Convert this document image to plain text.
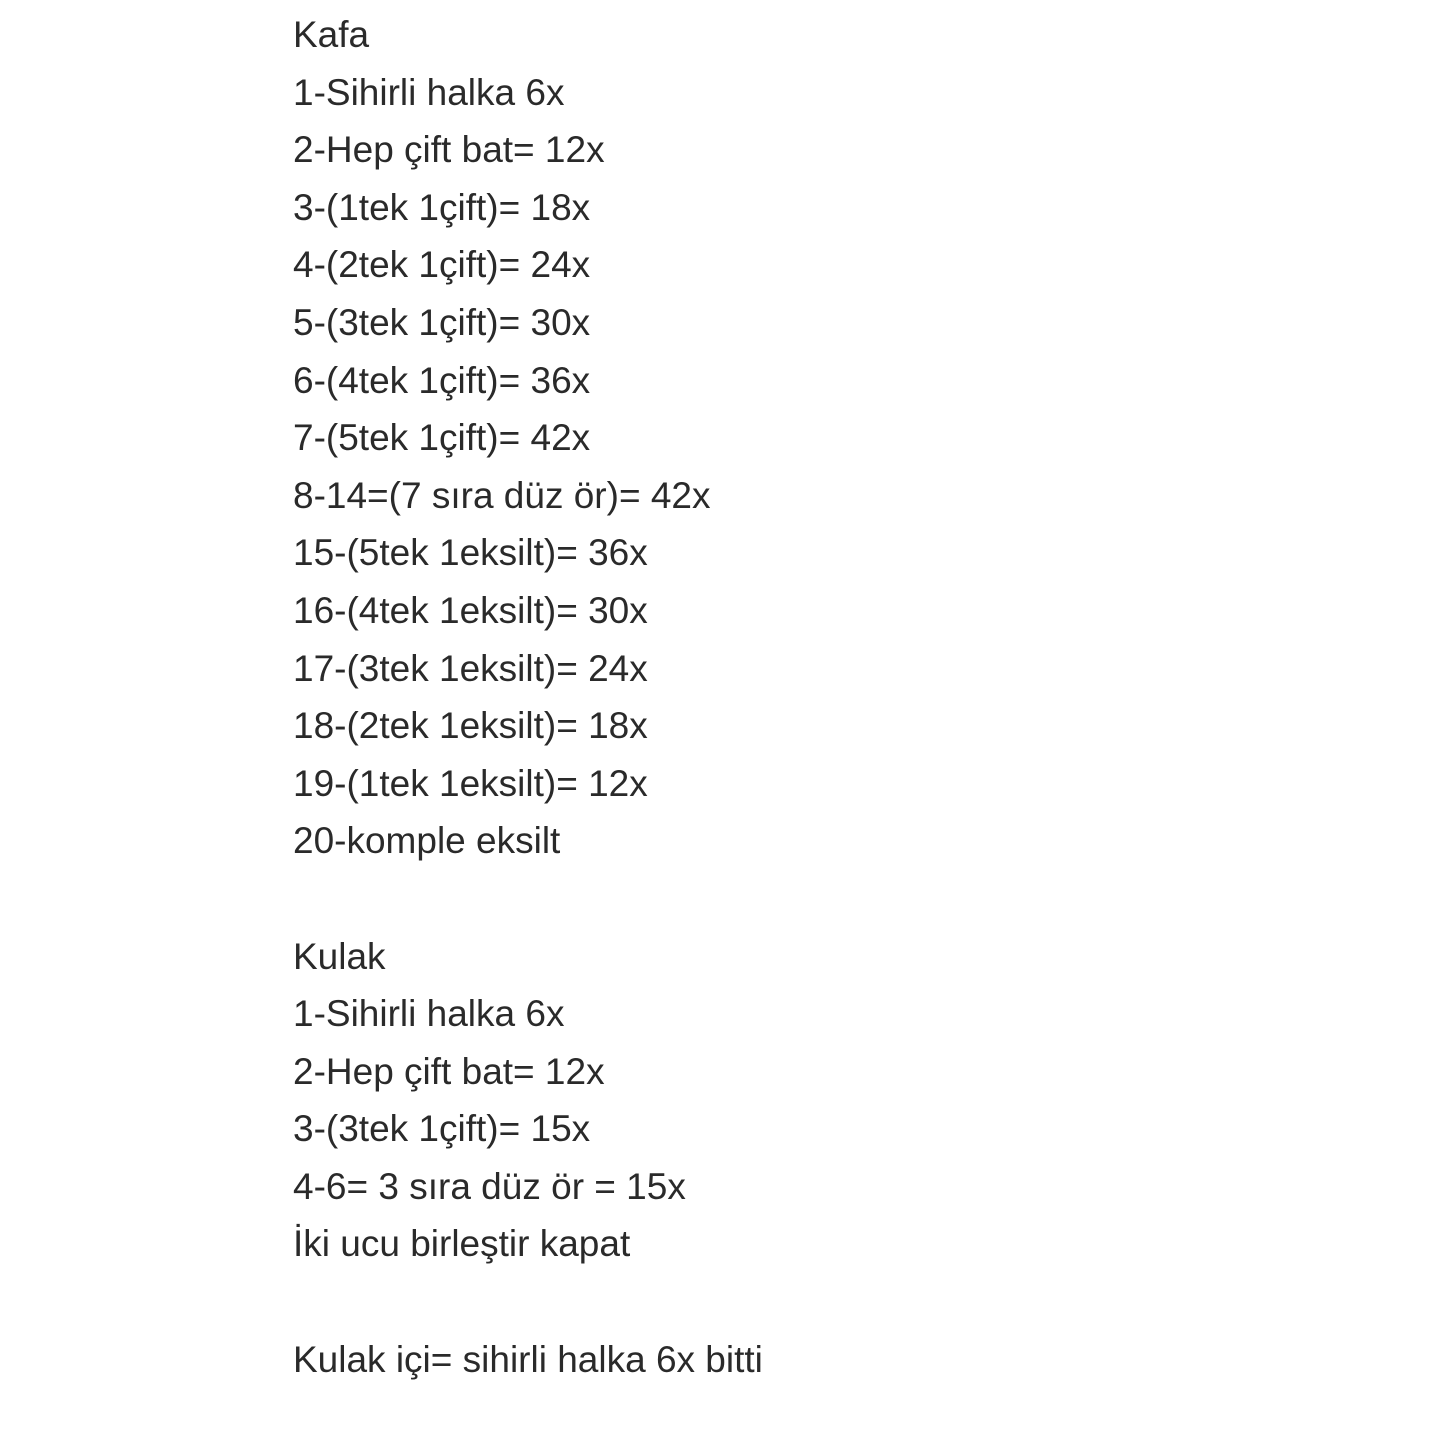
Kafa
1-Sihirli halka 6x
2-Hep çift bat= 12x
3-(1tek 1çift)= 18x
4-(2tek 1çift)= 24x
5-(3tek 1çift)= 30x
6-(4tek 1çift)= 36x
7-(5tek 1çift)= 42x
8-14=(7 sıra düz ör)= 42x
15-(5tek 1eksilt)= 36x
16-(4tek 1eksilt)= 30x
17-(3tek 1eksilt)= 24x
18-(2tek 1eksilt)= 18x
19-(1tek 1eksilt)= 12x
20-komple eksilt
Kulak
1-Sihirli halka 6x
2-Hep çift bat= 12x
3-(3tek 1çift)= 15x
4-6= 3 sıra düz ör = 15x
İki ucu birleştir kapat
Kulak içi= sihirli halka 6x bitti
